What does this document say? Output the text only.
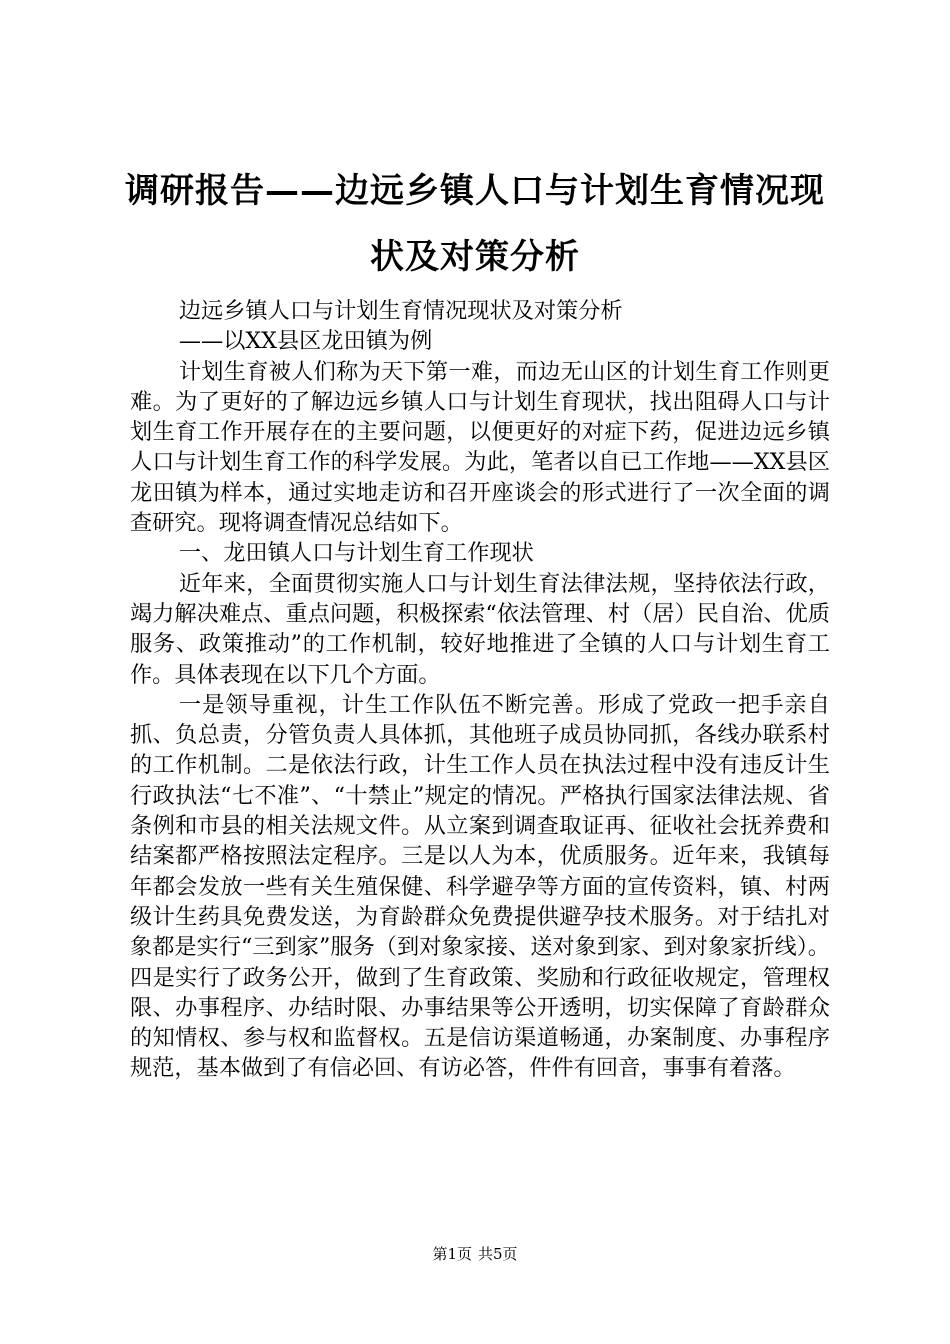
调研报告——边远乡镇人口与计划生育情况现状及对策分析

边远乡镇人口与计划生育情况现状及对策分析

——以XX县区龙田镇为例

计划生育被人们称为天下第一难，而边无山区的计划生育工作则更难。为了更好的了解边远乡镇人口与计划生育现状，找出阻碍人口与计划生育工作开展存在的主要问题，以便更好的对症下药，促进边远乡镇人口与计划生育工作的科学发展。为此，笔者以自已工作地——XX县区龙田镇为样本，通过实地走访和召开座谈会的形式进行了一次全面的调查研究。现将调查情况总结如下。

一、龙田镇人口与计划生育工作现状

近年来，全面贯彻实施人口与计划生育法律法规，坚持依法行政，竭力解决难点、重点问题，积极探索“依法管理、村（居）民自治、优质服务、政策推动”的工作机制，较好地推进了全镇的人口与计划生育工作。具体表现在以下几个方面。

一是领导重视，计生工作队伍不断完善。形成了党政一把手亲自抓、负总责，分管负责人具体抓，其他班子成员协同抓，各线办联系村的工作机制。二是依法行政，计生工作人员在执法过程中没有违反计生行政执法“七不准”、“十禁止”规定的情况。严格执行国家法律法规、省条例和市县的相关法规文件。从立案到调查取证再、征收社会抚养费和结案都严格按照法定程序。三是以人为本，优质服务。近年来，我镇每年都会发放一些有关生殖保健、科学避孕等方面的宣传资料，镇、村两级计生药具免费发送，为育龄群众免费提供避孕技术服务。对于结扎对象都是实行“三到家”服务（到对象家接、送对象到家、到对象家折线）。四是实行了政务公开，做到了生育政策、奖励和行政征收规定，管理权限、办事程序、办结时限、办事结果等公开透明，切实保障了育龄群众的知情权、参与权和监督权。五是信访渠道畅通，办案制度、办事程序规范，基本做到了有信必回、有访必答，件件有回音，事事有着落。

第1页 共5页
